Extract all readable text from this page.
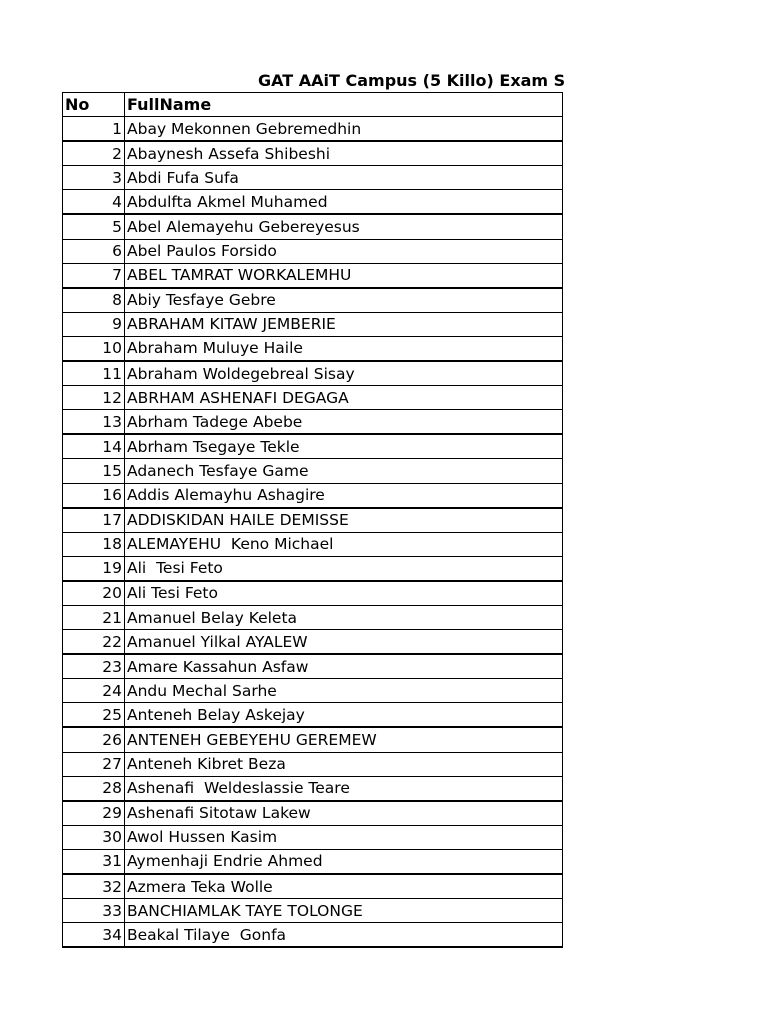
GAT AAiT Campus (5 Killo) Exam S
No	FullName
1	Abay Mekonnen Gebremedhin
2	Abaynesh Assefa Shibeshi
3	Abdi Fufa Sufa
4	Abdulfta Akmel Muhamed
5	Abel Alemayehu Gebereyesus
6	Abel Paulos Forsido
7	ABEL TAMRAT WORKALEMHU
8	Abiy Tesfaye Gebre
9	ABRAHAM KITAW JEMBERIE
10	Abraham Muluye Haile
11	Abraham Woldegebreal Sisay
12	ABRHAM ASHENAFI DEGAGA
13	Abrham Tadege Abebe
14	Abrham Tsegaye Tekle
15	Adanech Tesfaye Game
16	Addis Alemayhu Ashagire
17	ADDISKIDAN HAILE DEMISSE
18	ALEMAYEHU  Keno Michael
19	Ali  Tesi Feto
20	Ali Tesi Feto
21	Amanuel Belay Keleta
22	Amanuel Yilkal AYALEW
23	Amare Kassahun Asfaw
24	Andu Mechal Sarhe
25	Anteneh Belay Askejay
26	ANTENEH GEBEYEHU GEREMEW
27	Anteneh Kibret Beza
28	Ashenafi  Weldeslassie Teare
29	Ashenafi Sitotaw Lakew
30	Awol Hussen Kasim
31	Aymenhaji Endrie Ahmed
32	Azmera Teka Wolle
33	BANCHIAMLAK TAYE TOLONGE
34	Beakal Tilaye  Gonfa
